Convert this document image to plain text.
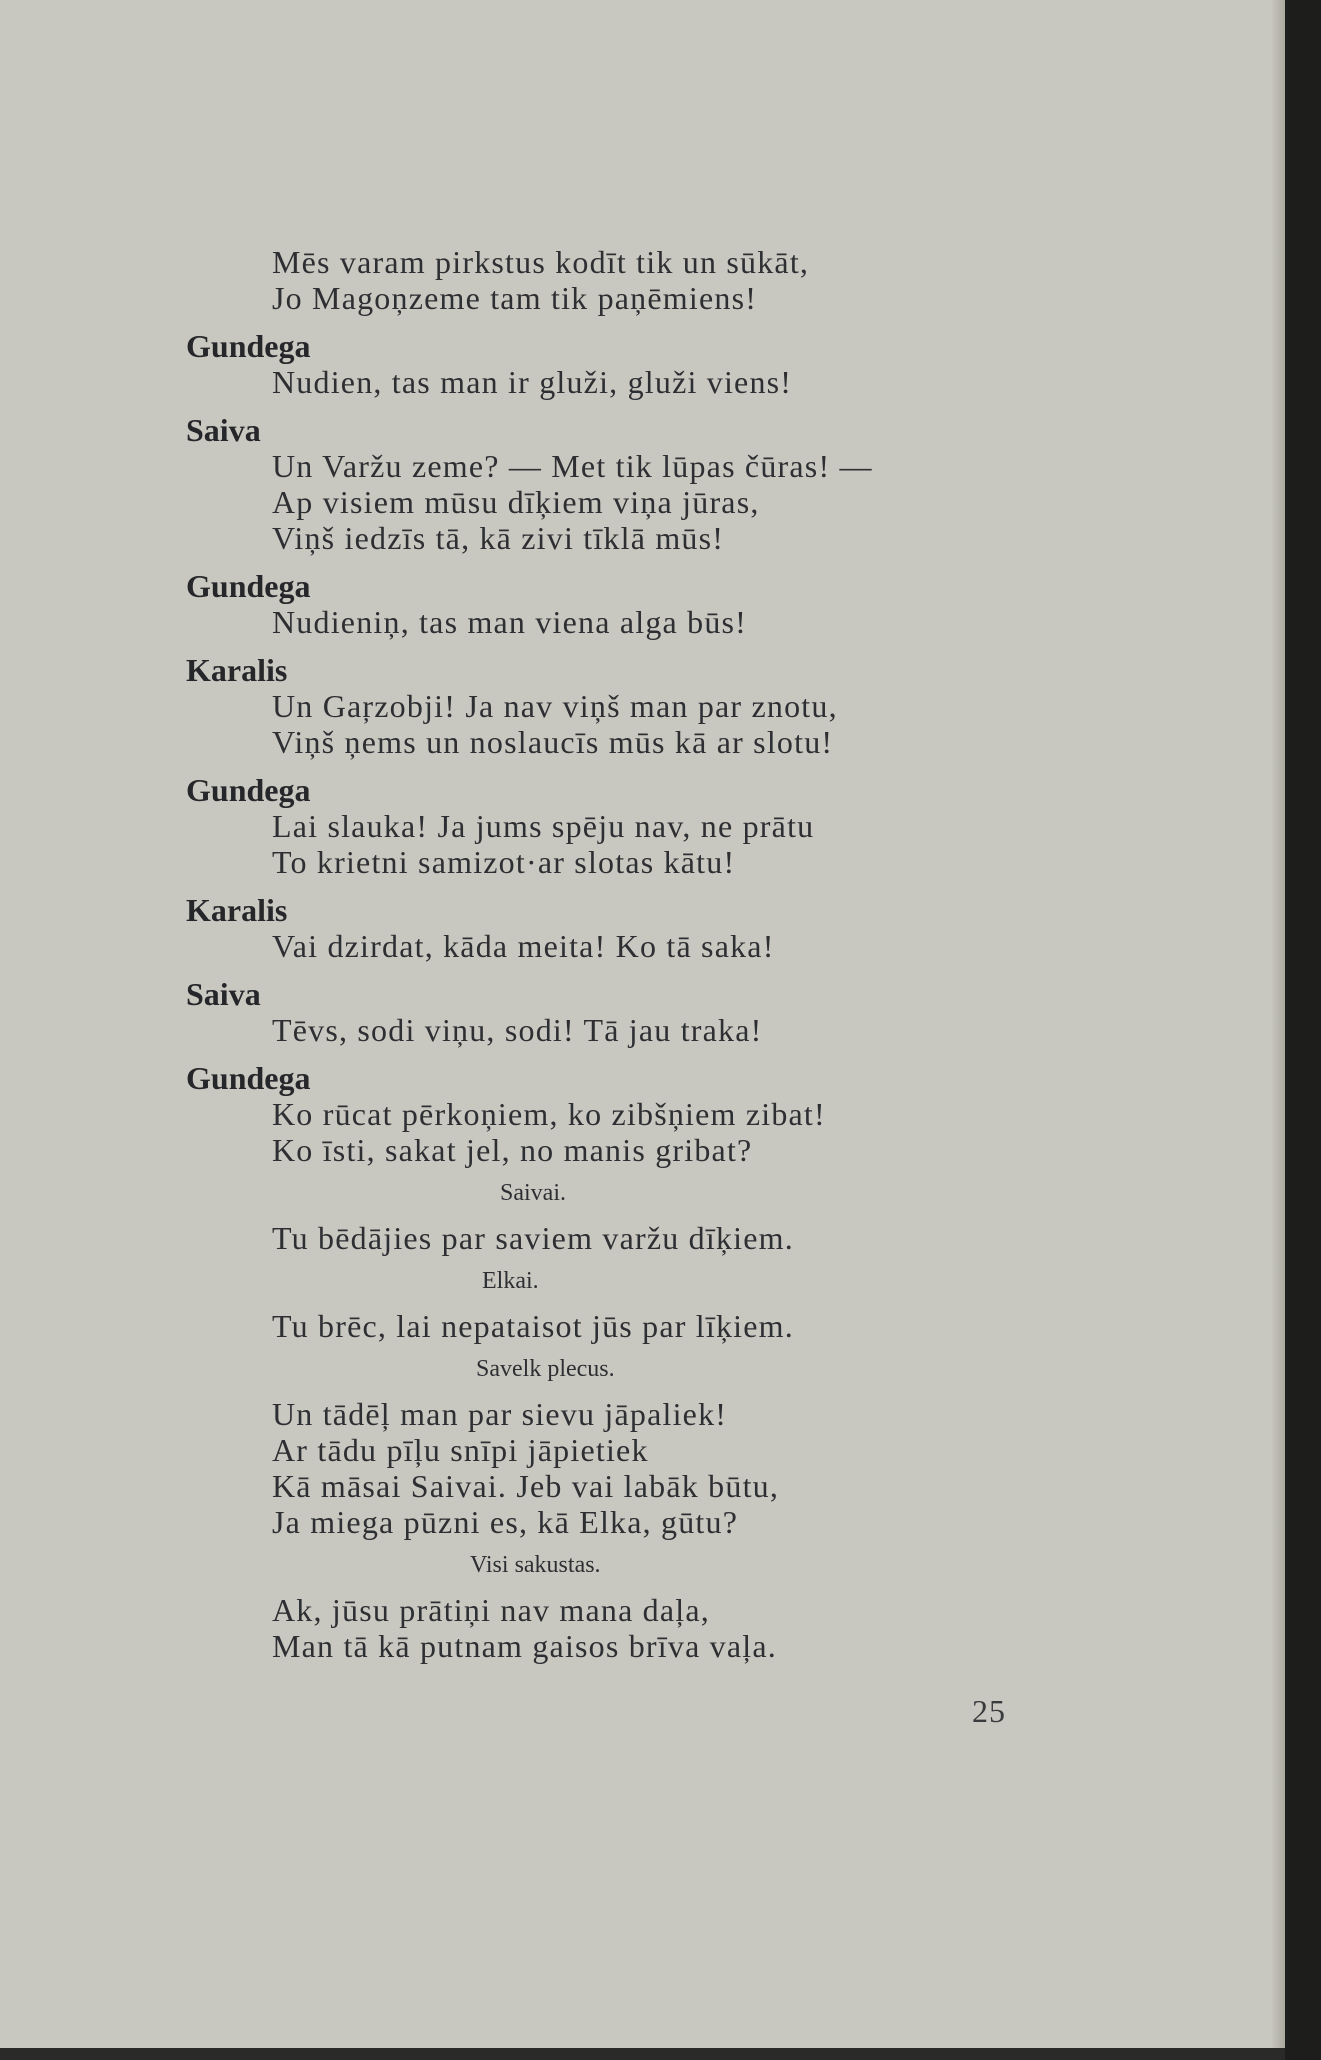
Mēs varam pirkstus kodīt tik un sūkāt,
Jo Magoņzeme tam tik paņēmiens!
Gundega
Nudien, tas man ir gluži, gluži viens!
Saiva
Un Varžu zeme? — Met tik lūpas čūras! —
Ap visiem mūsu dīķiem viņa jūras,
Viņš iedzīs tā, kā zivi tīklā mūs!
Gundega
Nudieniņ, tas man viena alga būs!
Karalis
Un Gaŗzobji! Ja nav viņš man par znotu,
Viņš ņems un noslaucīs mūs kā ar slotu!
Gundega
Lai slauka! Ja jums spēju nav, ne prātu
To krietni samizot·ar slotas kātu!
Karalis
Vai dzirdat, kāda meita! Ko tā saka!
Saiva
Tēvs, sodi viņu, sodi! Tā jau traka!
Gundega
Ko rūcat pērkoņiem, ko zibšņiem zibat!
Ko īsti, sakat jel, no manis gribat?
Saivai.
Tu bēdājies par saviem varžu dīķiem.
Elkai.
Tu brēc, lai nepataisot jūs par līķiem.
Savelk plecus.
Un tādēļ man par sievu jāpaliek!
Ar tādu pīļu snīpi jāpietiek
Kā māsai Saivai. Jeb vai labāk būtu,
Ja miega pūzni es, kā Elka, gūtu?
Visi sakustas.
Ak, jūsu prātiņi nav mana daļa,
Man tā kā putnam gaisos brīva vaļa.
25
